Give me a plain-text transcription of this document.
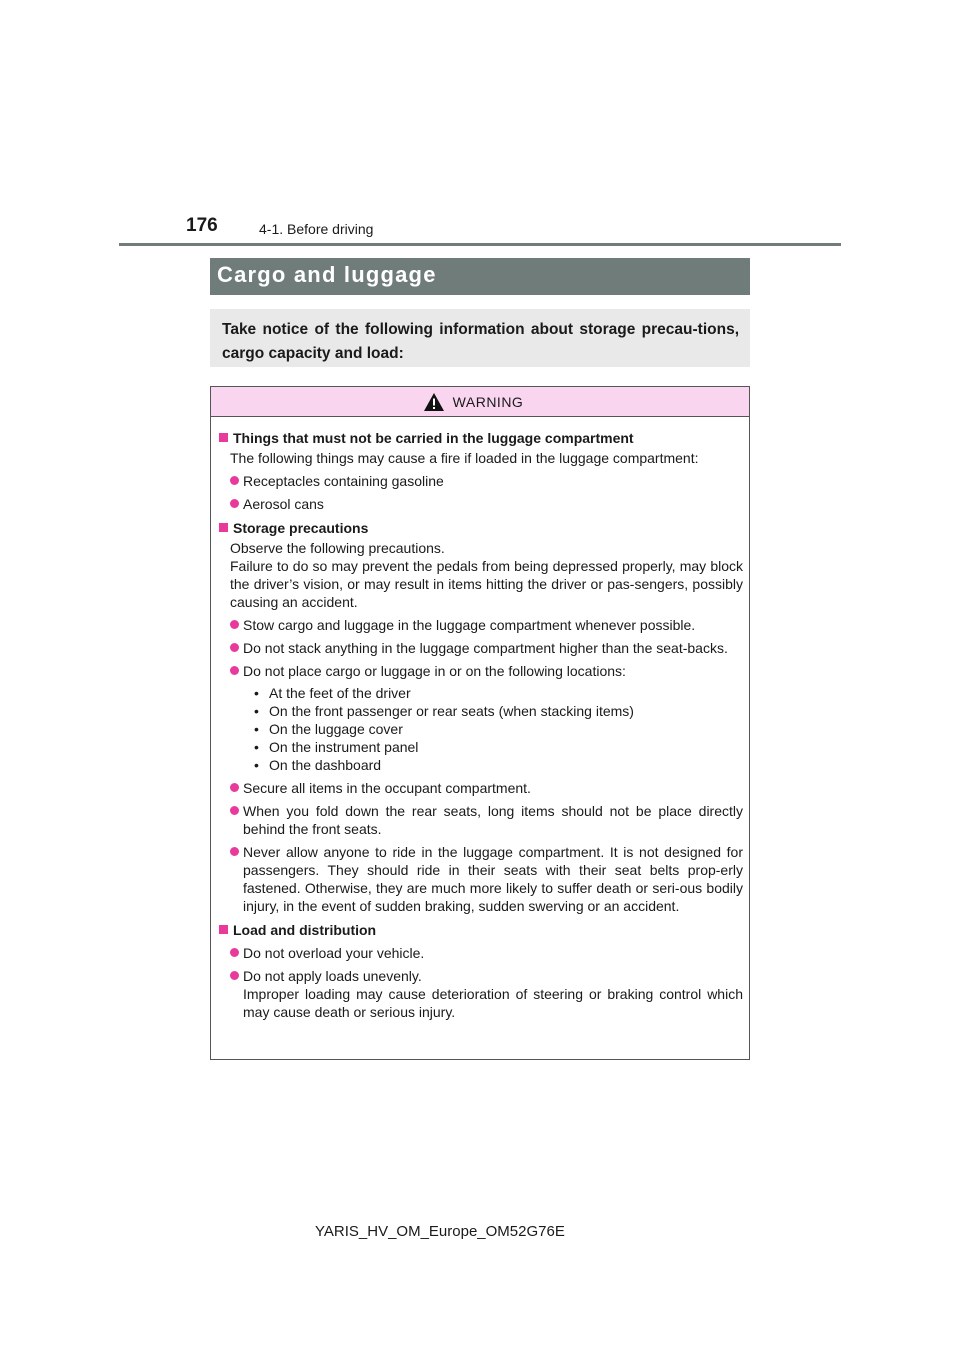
176	4-1. Before driving
Cargo and luggage
Take notice of the following information about storage precau-tions, cargo capacity and load:
WARNING
Things that must not be carried in the luggage compartment
The following things may cause a fire if loaded in the luggage compartment:
Receptacles containing gasoline
Aerosol cans
Storage precautions
Observe the following precautions.
Failure to do so may prevent the pedals from being depressed properly, may block the driver’s vision, or may result in items hitting the driver or pas-sengers, possibly causing an accident.
Stow cargo and luggage in the luggage compartment whenever possible.
Do not stack anything in the luggage compartment higher than the seat-backs.
Do not place cargo or luggage in or on the following locations:
• At the feet of the driver
• On the front passenger or rear seats (when stacking items)
• On the luggage cover
• On the instrument panel
• On the dashboard
Secure all items in the occupant compartment.
When you fold down the rear seats, long items should not be place directly behind the front seats.
Never allow anyone to ride in the luggage compartment. It is not designed for passengers. They should ride in their seats with their seat belts prop-erly fastened. Otherwise, they are much more likely to suffer death or seri-ous bodily injury, in the event of sudden braking, sudden swerving or an accident.
Load and distribution
Do not overload your vehicle.
Do not apply loads unevenly.
Improper loading may cause deterioration of steering or braking control which may cause death or serious injury.
YARIS_HV_OM_Europe_OM52G76E
